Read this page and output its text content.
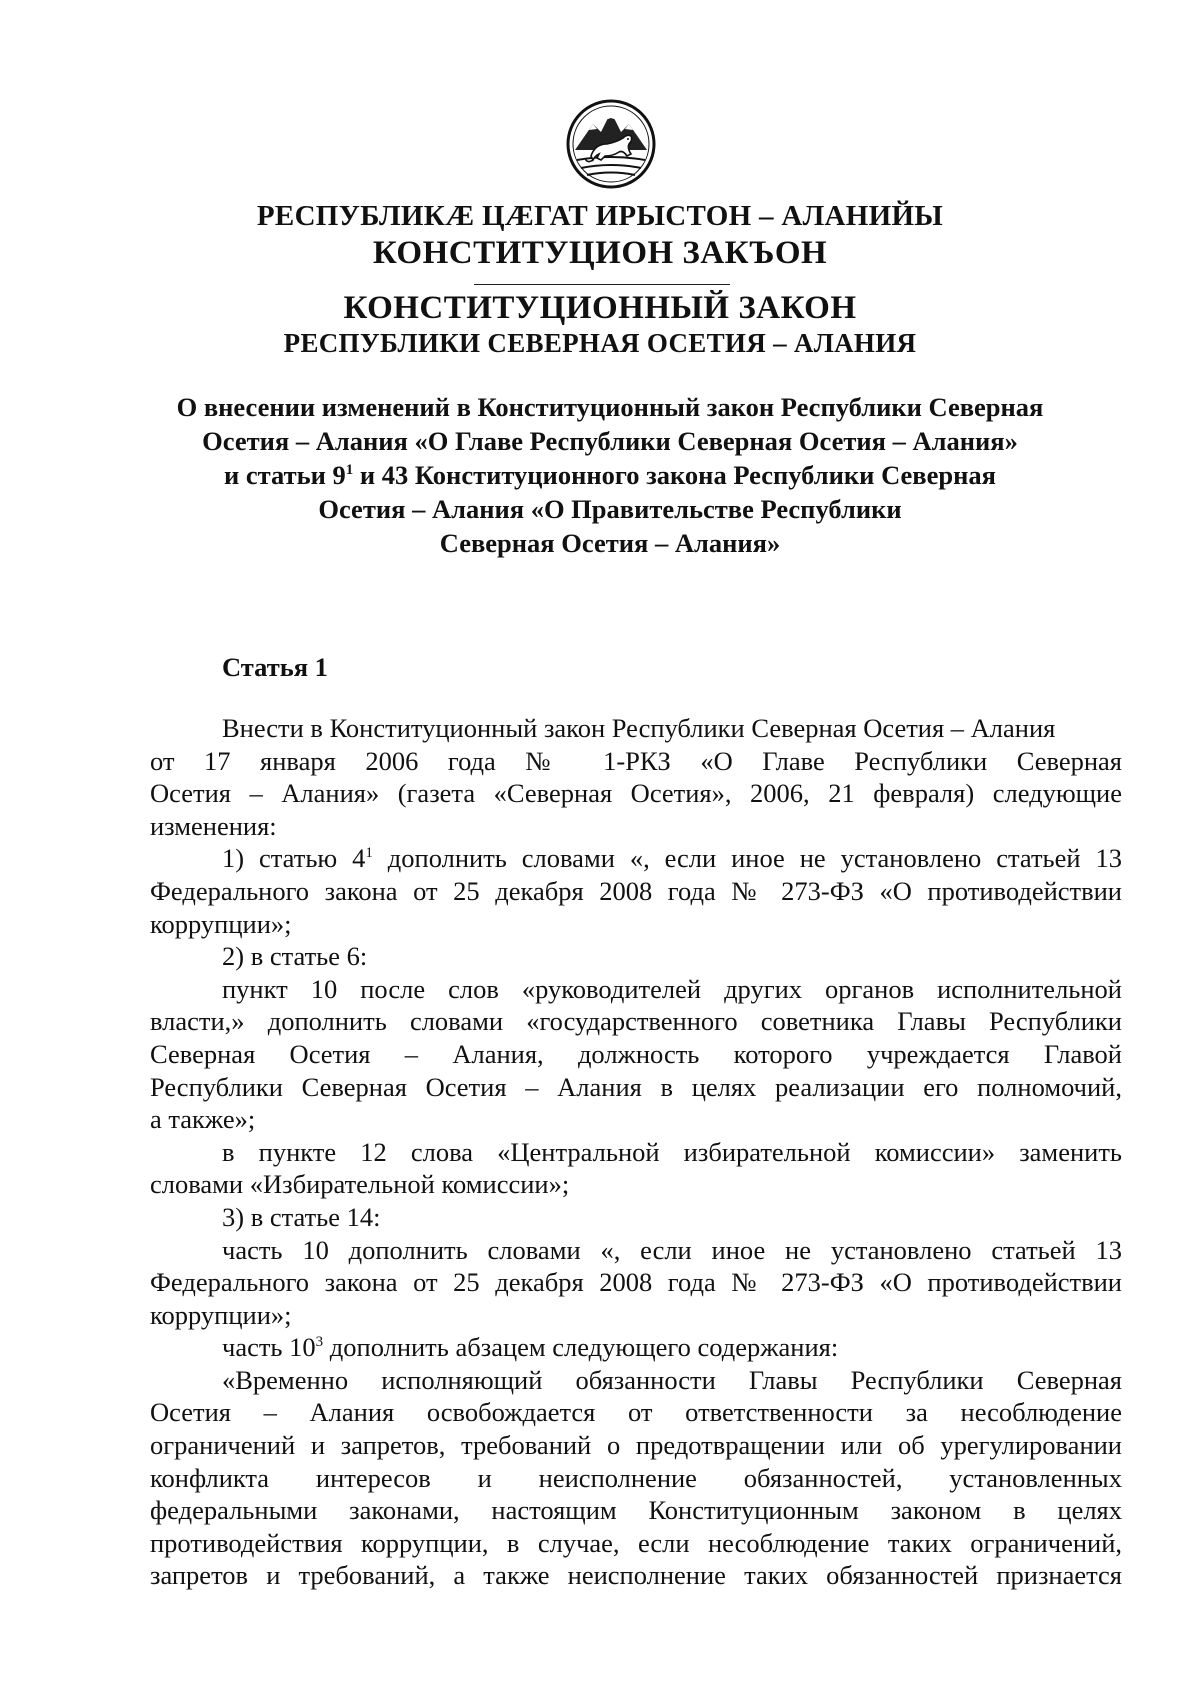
РЕСПУБЛИКÆ ЦÆГАТ ИРЫСТОН – АЛАНИЙЫ
КОНСТИТУЦИОН ЗАКЪОН
КОНСТИТУЦИОННЫЙ ЗАКОН
РЕСПУБЛИКИ СЕВЕРНАЯ ОСЕТИЯ – АЛАНИЯ
О внесении изменений в Конституционный закон Республики Северная
Осетия – Алания «О Главе Республики Северная Осетия – Алания»
и статьи $9^1$ и 43 Конституционного закона Республики Северная
Осетия – Алания «О Правительстве Республики
Северная Осетия – Алания»
Статья 1
Внести в Конституционный закон Республики Северная Осетия – Алания
от 17 января 2006 года № 1-РКЗ «О Главе Республики Северная
Осетия – Алания» (газета «Северная Осетия», 2006, 21 февраля) следующие
изменения:
1) статью $4^1$ дополнить словами «, если иное не установлено статьей 13
Федерального закона от 25 декабря 2008 года № 273-ФЗ «О противодействии
коррупции»;
2) в статье 6:
пункт 10 после слов «руководителей других органов исполнительной
власти,» дополнить словами «государственного советника Главы Республики
Северная Осетия – Алания, должность которого учреждается Главой
Республики Северная Осетия – Алания в целях реализации его полномочий,
а также»;
в пункте 12 слова «Центральной избирательной комиссии» заменить
словами «Избирательной комиссии»;
3) в статье 14:
часть 10 дополнить словами «, если иное не установлено статьей 13
Федерального закона от 25 декабря 2008 года № 273-ФЗ «О противодействии
коррупции»;
часть $10^3$ дополнить абзацем следующего содержания:
«Временно исполняющий обязанности Главы Республики Северная
Осетия – Алания освобождается от ответственности за несоблюдение
ограничений и запретов, требований о предотвращении или об урегулировании
конфликта интересов и неисполнение обязанностей, установленных
федеральными законами, настоящим Конституционным законом в целях
противодействия коррупции, в случае, если несоблюдение таких ограничений,
запретов и требований, а также неисполнение таких обязанностей признается
